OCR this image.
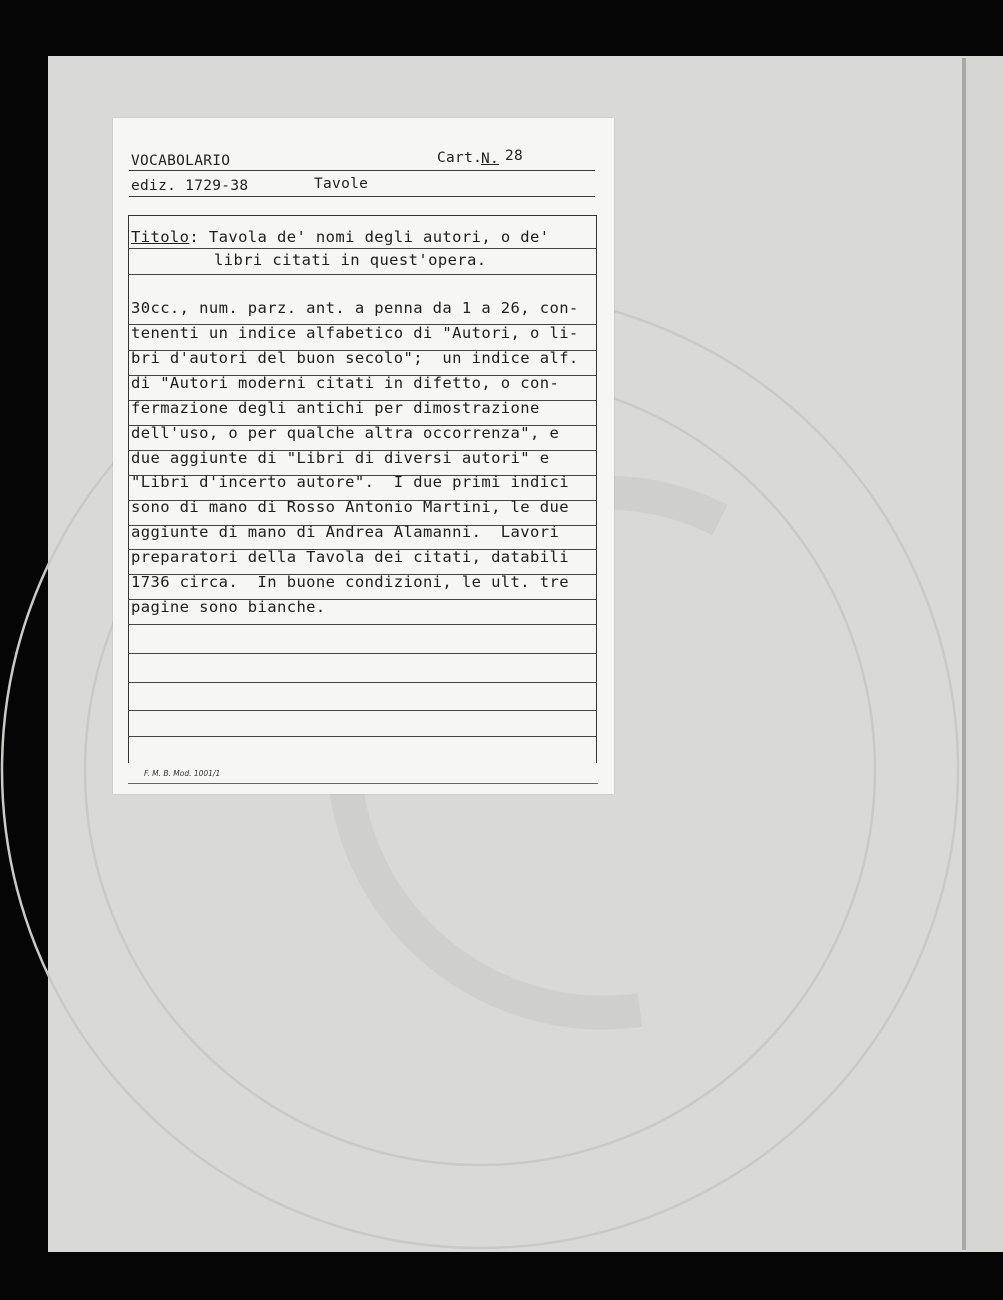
VOCABOLARIO	Cart.
N. 28
ediz. 1729-38	Tavole
Titolo: Tavola de' nomi degli autori, o de'
libri citati in quest'opera.
30cc., num. parz. ant. a penna da 1 a 26, con-
tenenti un indice alfabetico di "Autori, o li-
bri d'autori del buon secolo";  un indice alf.
di "Autori moderni citati in difetto, o con-
fermazione degli antichi per dimostrazione
dell'uso, o per qualche altra occorrenza", e
due aggiunte di "Libri di diversi autori" e
"Libri d'incerto autore".  I due primi indici
sono di mano di Rosso Antonio Martini, le due
aggiunte di mano di Andrea Alamanni.  Lavori
preparatori della Tavola dei citati, databili
1736 circa.  In buone condizioni, le ult. tre
pagine sono bianche.
F. M. B. Mod. 1001/1
